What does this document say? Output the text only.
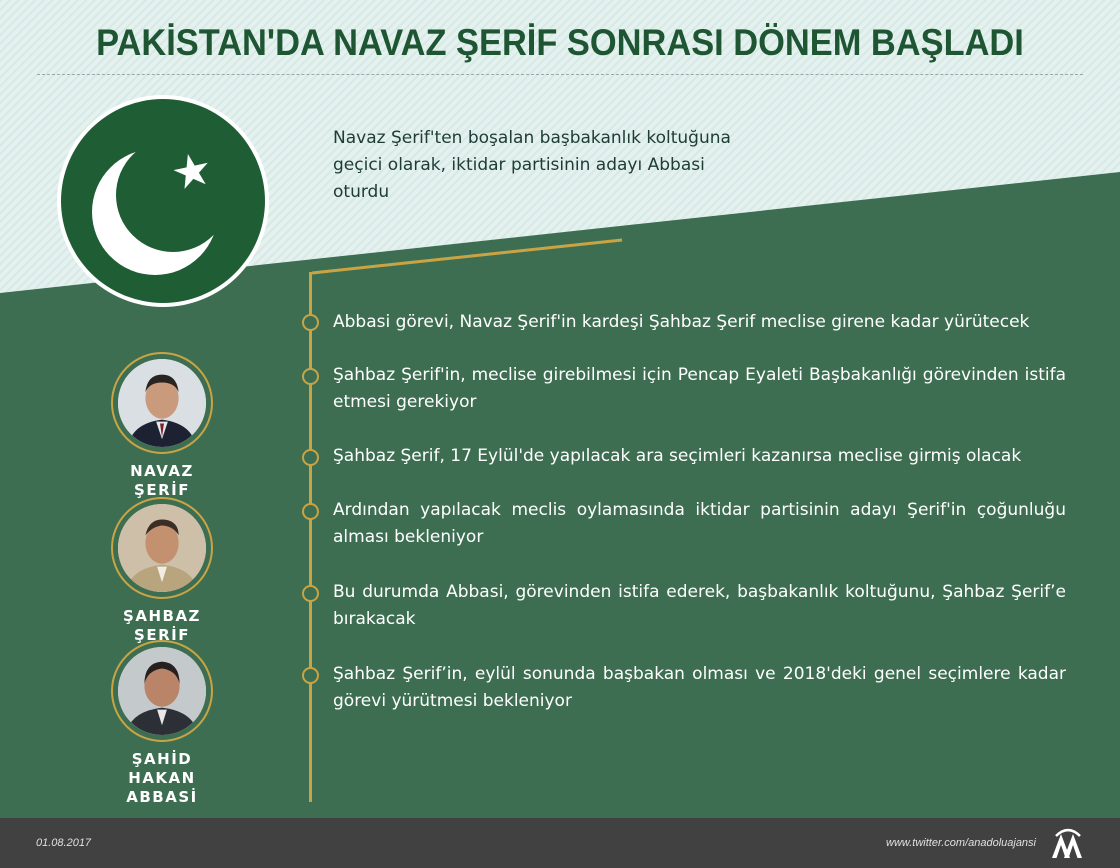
PAKİSTAN'DA NAVAZ ŞERİF SONRASI DÖNEM BAŞLADI
Navaz Şerif'ten boşalan başbakanlık koltuğuna geçici olarak, iktidar partisinin adayı Abbasi oturdu
Abbasi görevi, Navaz Şerif'in kardeşi Şahbaz Şerif meclise girene kadar yürütecek
Şahbaz Şerif'in, meclise girebilmesi için Pencap Eyaleti Başbakanlığı görevinden istifa etmesi gerekiyor
Şahbaz Şerif, 17 Eylül'de yapılacak ara seçimleri kazanırsa meclise girmiş olacak
Ardından yapılacak meclis oylamasında iktidar partisinin adayı Şerif'in çoğunluğu alması bekleniyor
Bu durumda Abbasi, görevinden istifa ederek, başbakanlık koltuğunu, Şahbaz Şerif’e bırakacak
Şahbaz Şerif’in, eylül sonunda başbakan olması ve 2018'deki genel seçimlere kadar görevi yürütmesi bekleniyor
NAVAZ ŞERİF
ŞAHBAZ ŞERİF
ŞAHİD HAKAN ABBASİ
01.08.2017	www.twitter.com/anadoluajansi
